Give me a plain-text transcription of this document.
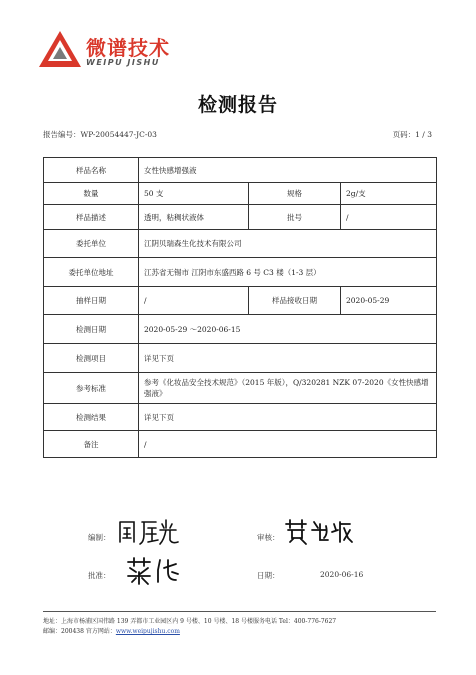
微谱技术
WEIPU JISHU
检测报告
报告编号：WP-20054447-JC-03	页码：1 / 3
样品名称	女性快感增强液		
数量	50 支	规格	2g/支
样品描述	透明，粘稠状液体	批号	/
委托单位	江阴贝瑞森生化技术有限公司		
委托单位地址	江苏省无锡市 江阴市东盛西路 6 号 C3 楼（1-3 层）		
抽样日期	/	样品接收日期	2020-05-29
检测日期	2020-05-29 ～2020-06-15		
检测项目	详见下页		
参考标准	参考《化妆品安全技术规范》（2015 年版），Q/320281 NZK 07-2020《女性快感增强液》		
检测结果	详见下页		
备注	/		
编制：	审核：
批准：	日期：	2020-06-16
地址：上海市杨浦区国伟路 139 弄都市工业园区内 9 号楼、10 号楼、18 号楼服务电话 Tel：400-776-7627
邮编：200438 官方网站：www.weipujishu.com
